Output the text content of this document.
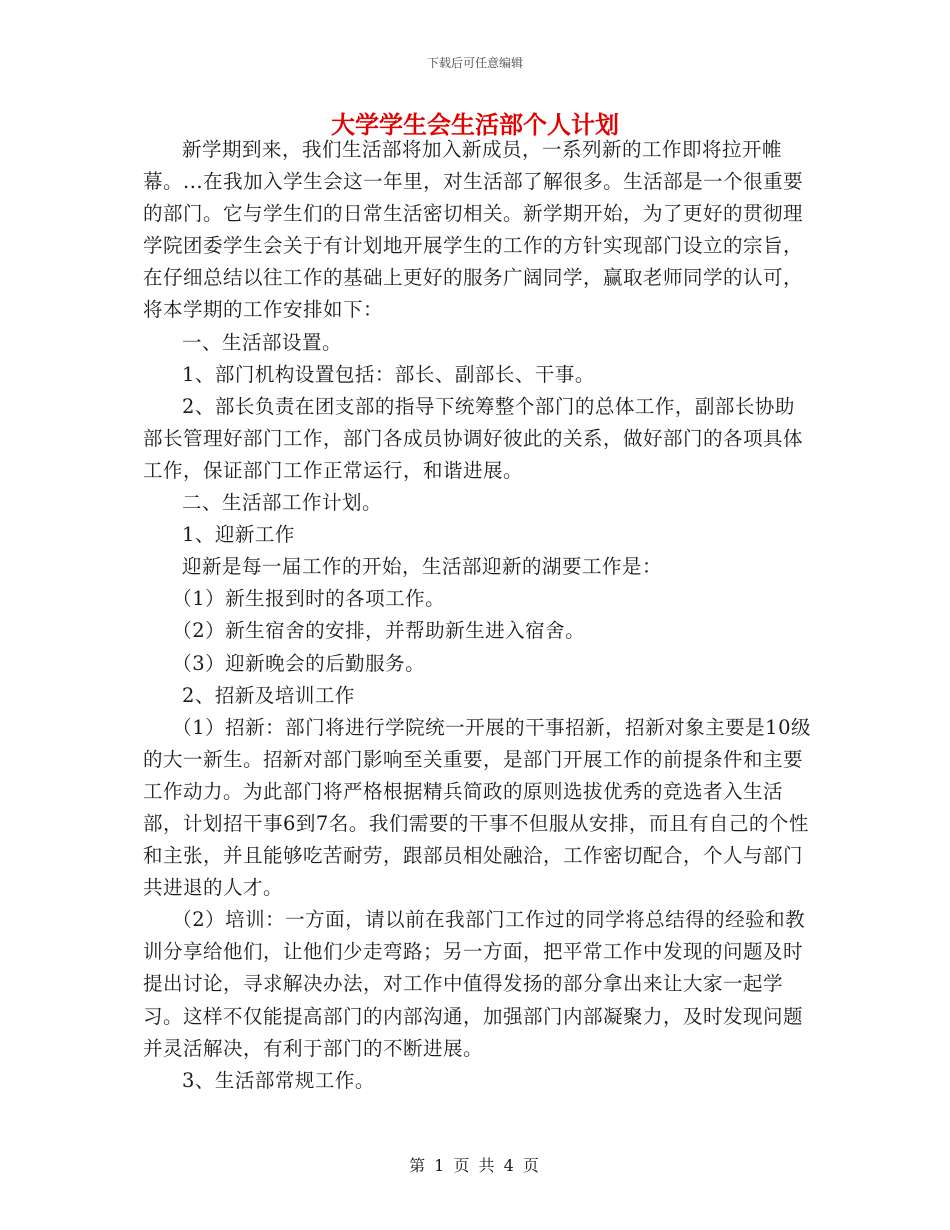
下载后可任意编辑
大学学生会生活部个人计划

新学期到来，我们生活部将加入新成员，一系列新的工作即将拉开帷幕。...在我加入学生会这一年里，对生活部了解很多。生活部是一个很重要的部门。它与学生们的日常生活密切相关。新学期开始，为了更好的贯彻理学院团委学生会关于有计划地开展学生的工作的方针实现部门设立的宗旨，在仔细总结以往工作的基础上更好的服务广阔同学，赢取老师同学的认可，将本学期的工作安排如下：

一、生活部设置。

1、部门机构设置包括：部长、副部长、干事。

2、部长负责在团支部的指导下统筹整个部门的总体工作，副部长协助部长管理好部门工作，部门各成员协调好彼此的关系，做好部门的各项具体工作，保证部门工作正常运行，和谐进展。

二、生活部工作计划。

1、迎新工作

迎新是每一届工作的开始，生活部迎新的湖要工作是：

（1）新生报到时的各项工作。

（2）新生宿舍的安排，并帮助新生进入宿舍。

（3）迎新晚会的后勤服务。

2、招新及培训工作

（1）招新：部门将进行学院统一开展的干事招新，招新对象主要是10级的大一新生。招新对部门影响至关重要，是部门开展工作的前提条件和主要工作动力。为此部门将严格根据精兵简政的原则选拔优秀的竞选者入生活部，计划招干事6到7名。我们需要的干事不但服从安排，而且有自己的个性和主张，并且能够吃苦耐劳，跟部员相处融洽，工作密切配合，个人与部门共进退的人才。

（2）培训：一方面，请以前在我部门工作过的同学将总结得的经验和教训分享给他们，让他们少走弯路；另一方面，把平常工作中发现的问题及时提出讨论，寻求解决办法，对工作中值得发扬的部分拿出来让大家一起学习。这样不仅能提高部门的内部沟通，加强部门内部凝聚力，及时发现问题并灵活解决，有利于部门的不断进展。

3、生活部常规工作。

第 1 页 共 4 页
